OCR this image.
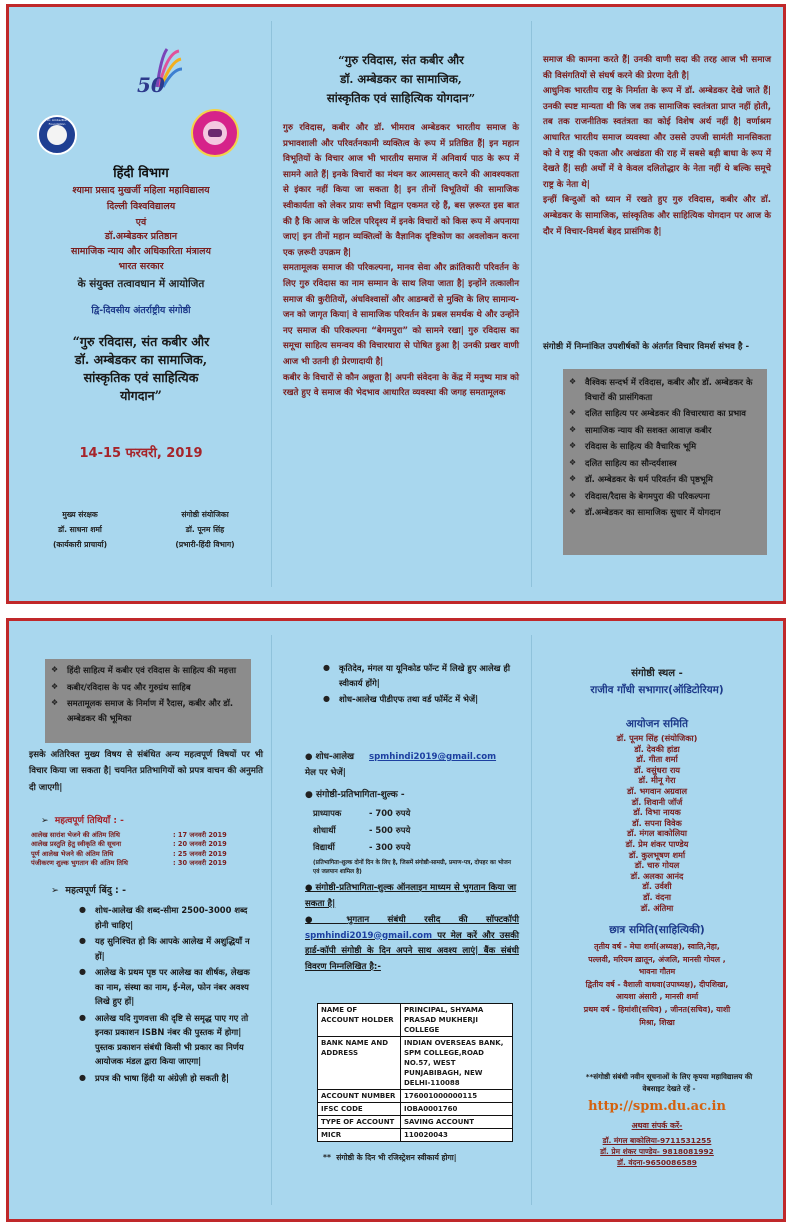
50
Dr. Ambedkar Foundation

हिंदी विभाग

श्यामा प्रसाद मुखर्जी महिला महाविद्यालय

दिल्ली विश्वविद्यालय

एवं

डॉ.अम्बेडकर प्रतिष्ठान

सामाजिक न्याय और अधिकारिता मंत्रालय

भारत सरकार

के संयुक्त तत्वावधान में आयोजित

द्वि-दिवसीय अंतर्राष्ट्रीय संगोष्ठी

“गुरु रविदास, संत कबीर और

डॉ. अम्बेडकर का सामाजिक,

सांस्कृतिक एवं साहित्यिक

योगदान”

14-15 फरवरी, 2019

मुख्य संरक्षक

डॉ. साधना शर्मा

(कार्यकारी प्राचार्या)

संगोष्ठी संयोजिका

डॉ. पूनम सिंह

(प्रभारी-हिंदी विभाग)

“गुरु रविदास, संत कबीर और

डॉ. अम्बेडकर का सामाजिक,

सांस्कृतिक एवं साहित्यिक योगदान”

गुरु रविदास, कबीर और डॉ. भीमराव अम्बेडकर भारतीय समाज के प्रभावशाली और परिवर्तनकामी व्यक्तित्व के रूप में प्रतिष्ठित हैं| इन महान विभूतियों के विचार आज भी भारतीय समाज में अनिवार्य पाठ के रूप में सामने आते हैं| इनके विचारों का मंथन कर आत्मसात् करने की आवश्यकता से इंकार नहीं किया जा सकता है| इन तीनों विभूतियों की सामाजिक स्वीकार्यता को लेकर प्रायः सभी विद्वान एकमत रहे हैं, बस ज़रूरत इस बात की है कि आज के जटिल परिदृश्य में इनके विचारों को किस रूप में अपनाया जाए| इन तीनों महान व्यक्तित्वों के वैज्ञानिक दृष्टिकोण का अवलोकन करना एक ज़रूरी उपक्रम है|

समतामूलक समाज की परिकल्पना, मानव सेवा और क्रांतिकारी परिवर्तन के लिए गुरु रविदास का नाम सम्मान के साथ लिया जाता है| इन्होंने तत्कालीन समाज की कुरीतियों, अंधविश्वासों और आडम्बरों से मुक्ति के लिए सामान्य-जन को जागृत किया| वे सामाजिक परिवर्तन के प्रबल समर्थक थे और उन्होंने नए समाज की परिकल्पना “बेगमपुरा” को सामने रखा| गुरु रविदास का समूचा साहित्य समन्वय की विचारधारा से पोषित हुआ है| उनकी प्रखर वाणी आज भी उतनी ही प्रेरणादायी है|

कबीर के विचारों से कौन अछूता है| अपनी संवेदना के केंद्र में मनुष्य मात्र को रखते हुए वे समाज की भेदभाव आधारित व्यवस्था की जगह समतामूलक

समाज की कामना करते हैं| उनकी वाणी सदा की तरह आज भी समाज की विसंगतियों से संघर्ष करने की प्रेरणा देती है|

आधुनिक भारतीय राष्ट्र के निर्माता के रूप में डॉ. अम्बेडकर देखे जाते हैं| उनकी स्पष्ट मान्यता थी कि जब तक सामाजिक स्वतंत्रता प्राप्त नहीं होती, तब तक राजनीतिक स्वतंत्रता का कोई विशेष अर्थ नहीं है| वर्णाश्रम आधारित भारतीय समाज व्यवस्था और उससे उपजी सामंती मानसिकता को वे राष्ट्र की एकता और अखंडता की राह में सबसे बड़ी बाधा के रूप में देखते हैं| सही अर्थों में वे केवल दलितोद्धार के नेता नहीं थे बल्कि समूचे राष्ट्र के नेता थे|

इन्हीं बिन्दुओं को ध्यान में रखते हुए गुरु रविदास, कबीर और डॉ. अम्बेडकर के सामाजिक, सांस्कृतिक और साहित्यिक योगदान पर आज के दौर में विचार-विमर्श बेहद प्रासंगिक है|

संगोष्ठी में निम्नांकित उपशीर्षकों के अंतर्गत विचार विमर्श संभव है -

❖ वैश्विक सन्दर्भ में रविदास, कबीर और डॉ. अम्बेडकर के विचारों की प्रासंगिकता
❖ दलित साहित्य पर अम्बेडकर की विचारधारा का प्रभाव
❖ सामाजिक न्याय की सशक्त आवाज़ कबीर
❖ रविदास के साहित्य की वैचारिक भूमि
❖ दलित साहित्य का सौन्दर्यशास्त्र
❖ डॉ. अम्बेडकर के धर्म परिवर्तन की पृष्ठभूमि
❖ रविदास/रैदास के बेगमपुरा की परिकल्पना
❖ डॉ.अम्बेडकर का सामाजिक सुधार में योगदान
❖ हिंदी साहित्य में कबीर एवं रविदास के साहित्य की महत्ता
❖ कबीर/रविदास के पद और गुरुग्रंथ साहिब
❖ समतामूलक समाज के निर्माण में रैदास, कबीर और डॉ. अम्बेडकर की भूमिका

इसके अतिरिक्त मुख्य विषय से संबंधित अन्य महत्वपूर्ण विषयों पर भी विचार किया जा सकता है| चयनित प्रतिभागियों को प्रपत्र वाचन की अनुमति दी जाएगी|

➢ महत्वपूर्ण तिथियाँ : -

आलेख सारांश भेजने की अंतिम तिथि	: 17 जनवरी 2019
आलेख प्रस्तुति हेतु स्वीकृति की सूचना	: 20 जनवरी 2019
पूर्ण आलेख भेजने की अंतिम तिथि	: 25 जनवरी 2019
पंजीकरण शुल्क भुगतान की अंतिम तिथि	: 30 जनवरी 2019

➢  महत्वपूर्ण बिंदु : -

● शोध-आलेख की शब्द-सीमा 2500-3000 शब्द होनी चाहिए|
● यह सुनिश्चित हो कि आपके आलेख में अशुद्धियाँ न हों|
● आलेख के प्रथम पृष्ठ पर आलेख का शीर्षक, लेखक का नाम, संस्था का नाम, ई-मेल, फोन नंबर अवश्य लिखे हुए हों|
● आलेख यदि गुणवत्ता की दृष्टि से समृद्ध पाए गए तो इनका प्रकाशन ISBN नंबर की पुस्तक में होगा| पुस्तक प्रकाशन संबंधी किसी भी प्रकार का निर्णय आयोजक मंडल द्वारा किया जाएगा|
● प्रपत्र की भाषा हिंदी या अंग्रेज़ी हो सकती है|
● कृतिदेव, मंगल या यूनिकोड फॉन्ट में लिखे हुए आलेख ही स्वीकार्य होंगे|
● शोध-आलेख पीडीएफ तथा वर्ड फॉर्मेट में भेजें|

● शोध-आलेख spmhindi2019@gmail.com
मेल पर भेजें|

● संगोष्ठी-प्रतिभागिता-शुल्क -

प्राध्यापक	- 700 रुपये
शोधार्थी	- 500 रुपये
विद्यार्थी	- 300 रुपये

(प्रतिभागिता-शुल्क दोनों दिन के लिए है, जिसमें संगोष्ठी-सामग्री, प्रमाण-पत्र, दोपहर का भोजन एवं जलपान शामिल है)

● संगोष्ठी-प्रतिभागिता-शुल्क ऑनलाइन माध्यम से भुगतान किया जा सकता है|

● भुगतान संबंधी रसीद की सॉफ्टकॉपी spmhindi2019@gmail.com पर मेल करें और उसकी हार्ड-कॉपी संगोष्ठी के दिन अपने साथ अवश्य लाएं| बैंक संबंधी विवरण निम्नलिखित है:-

NAME OF ACCOUNT HOLDER	PRINCIPAL, SHYAMA PRASAD MUKHERJI COLLEGE
BANK NAME AND ADDRESS	INDIAN OVERSEAS BANK, SPM COLLEGE,ROAD NO.57, WEST PUNJABIBAGH, NEW DELHI-110088
ACCOUNT NUMBER	176001000000115
IFSC CODE	IOBA0001760
TYPE OF ACCOUNT	SAVING ACCOUNT
MICR	110020043

** संगोष्ठी के दिन भी रजिस्ट्रेशन स्वीकार्य होगा|

संगोष्ठी स्थल -

राजीव गाँधी सभागार(ऑडिटोरियम)

आयोजन समिति

डॉ. पूनम सिंह (संयोजिका)

डॉ. देवकी हांडा

डॉ. गीता शर्मा

डॉ. वसुंधरा राय

डॉ. मीनू गेरा

डॉ. भगवान अग्रवाल

डॉ. शिवानी जॉर्ज

डॉ. विभा नायक

डॉ. सपना विवेक

डॉ. मंगल बाकोलिया

डॉ. प्रेम शंकर पाण्डेय

डॉ. कुलभूषण शर्मा

डॉ. चारु गोयल

डॉ. अलका आनंद

डॉ. उर्वशी

डॉ. वंदना

डॉ. अंतिमा

छात्र समिति(साहित्यिकी)

तृतीय वर्ष - मेघा शर्मा(अध्यक्ष), स्वाति,नेहा,

पल्लवी, मरियम ख़ातून, अंजलि, मानसी गोयल ,

भावना गौतम

द्वितीय वर्ष - वैशाली वाधवा(उपाध्यक्ष), दीपशिखा,

आयशा अंसारी , मानसी शर्मा

प्रथम वर्ष - हिमांशी(सचिव) , जीनत(सचिव), याशी

मिश्रा, शिखा

**संगोष्ठी संबंधी नवीन सूचनाओं के लिए कृपया महाविद्यालय की वेबसाइट देखते रहें -

http://spm.du.ac.in

अथवा संपर्क करें-

डॉ. मंगल बाकोलिया-9711531255

डॉ. प्रेम शंकर पाण्डेय- 9818081992

डॉ. वंदना-9650086589
